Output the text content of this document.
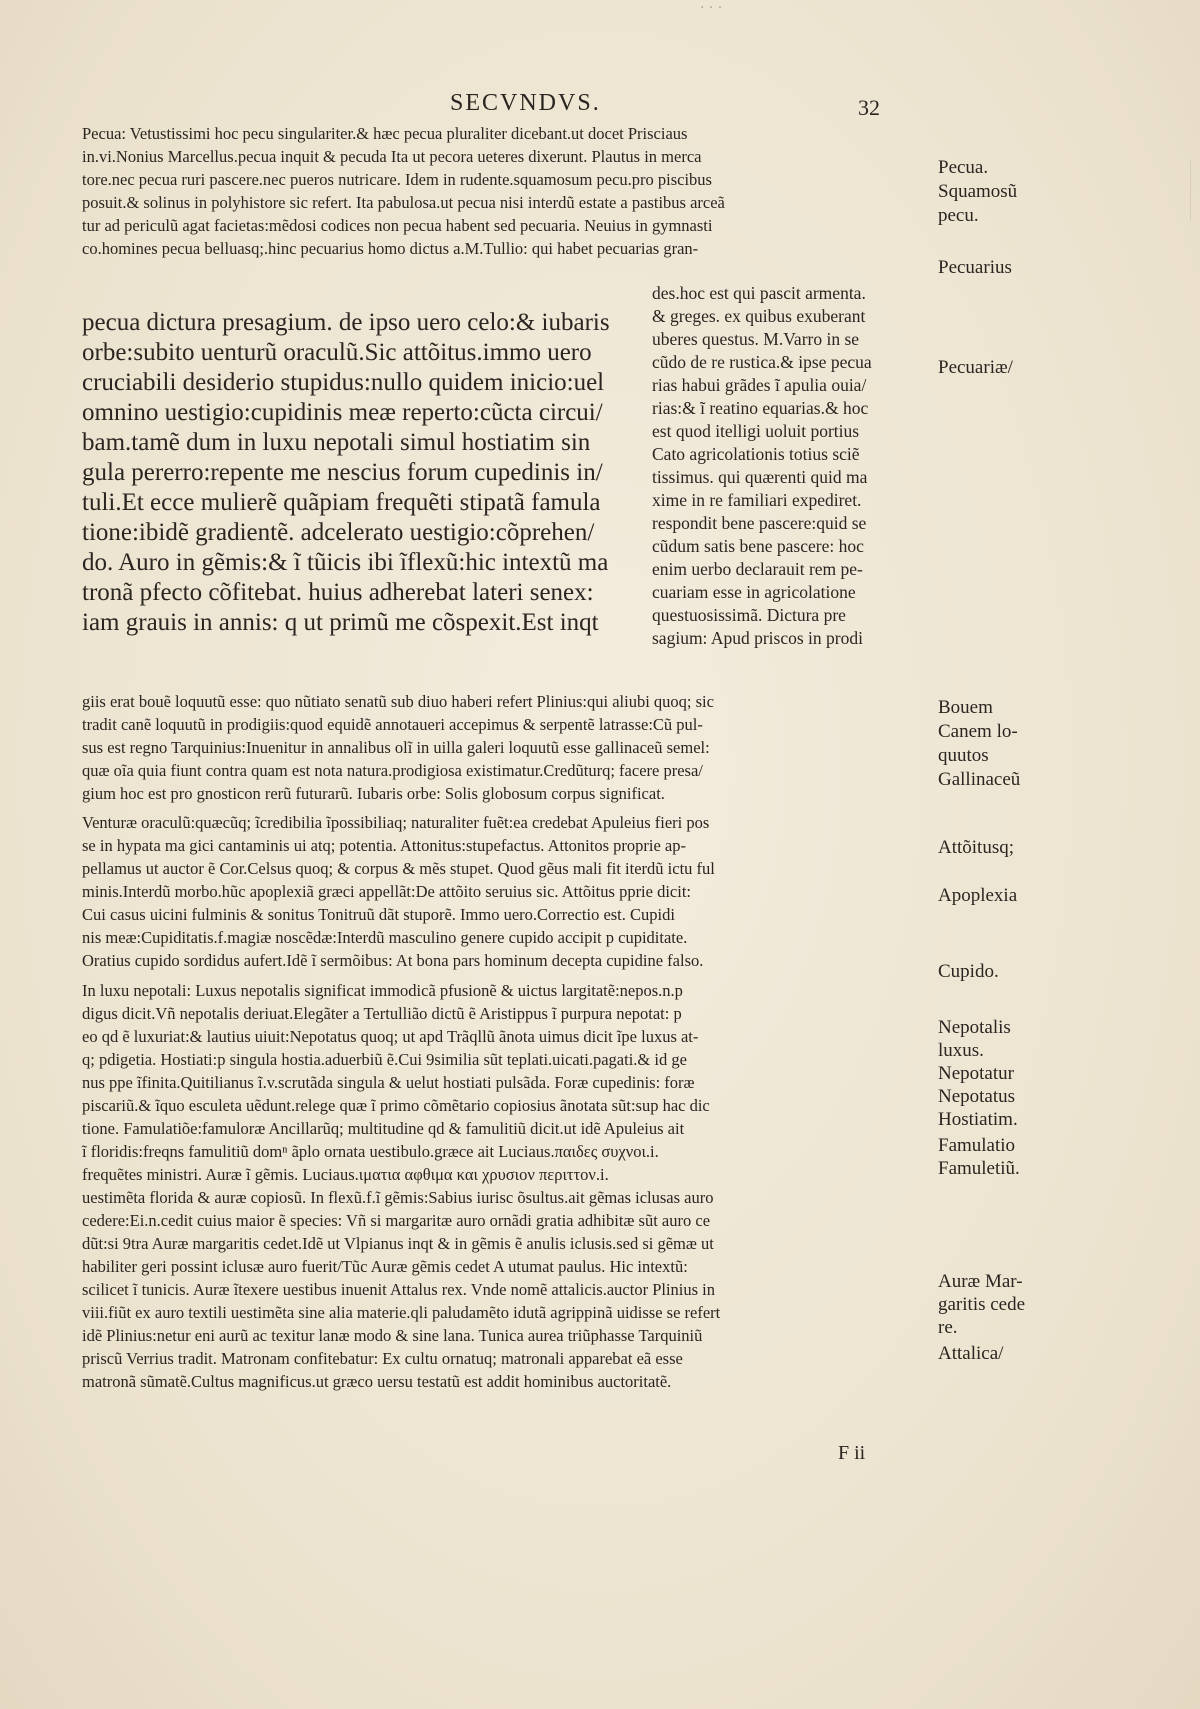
· · ·
SECVNDVS.	32
Pecua: Vetustissimi hoc pecu singulariter.& hæc pecua pluraliter dicebant.ut docet Prisciaus
in.vi.Nonius Marcellus.pecua inquit & pecuda Ita ut pecora ueteres dixerunt. Plautus in merca
tore.nec pecua ruri pascere.nec pueros nutricare. Idem in rudente.squamosum pecu.pro piscibus
posuit.& solinus in polyhistore sic refert. Ita pabulosa.ut pecua nisi interdũ estate a pastibus arceã
tur ad periculũ agat facietas:mẽdosi codices non pecua habent sed pecuaria. Neuius in gymnasti
co.homines pecua belluasq;.hinc pecuarius homo dictus a.M.Tullio: qui habet pecuarias gran-
pecua dictura presagium. de ipso uero celo:& iubaris
orbe:subito uenturũ oraculũ.Sic attõitus.immo uero
cruciabili desiderio stupidus:nullo quidem inicio:uel
omnino uestigio:cupidinis meæ reperto:cũcta circui/
bam.tamẽ dum in luxu nepotali simul hostiatim sin
gula pererro:repente me nescius forum cupedinis in/
tuli.Et ecce mulierẽ quãpiam frequẽti stipatã famula
tione:ibidẽ gradientẽ. adcelerato uestigio:cõprehen/
do. Auro in gẽmis:& ĩ tũicis ibi ĩflexũ:hic intextũ ma
tronã pfecto cõfitebat. huius adherebat lateri senex:
iam grauis in annis: q ut primũ me cõspexit.Est inqt
des.hoc est qui pascit armenta.
& greges. ex quibus exuberant
uberes questus. M.Varro in se
cũdo de re rustica.& ipse pecua
rias habui grãdes ĩ apulia ouia/
rias:& ĩ reatino equarias.& hoc
est quod itelligi uoluit portius
Cato agricolationis totius sciẽ
tissimus. qui quærenti quid ma
xime in re familiari expediret.
respondit bene pascere:quid se
cũdum satis bene pascere: hoc
enim uerbo declarauit rem pe-
cuariam esse in agricolatione
questuosissimã. Dictura pre
sagium: Apud priscos in prodi
giis erat bouẽ loquutũ esse: quo nũtiato senatũ sub diuo haberi refert Plinius:qui aliubi quoq; sic
tradit canẽ loquutũ in prodigiis:quod equidẽ annotaueri accepimus & serpentẽ latrasse:Cũ pul-
sus est regno Tarquinius:Inuenitur in annalibus olĩ in uilla galeri loquutũ esse gallinaceũ semel:
quæ oĩa quia fiunt contra quam est nota natura.prodigiosa existimatur.Credũturq; facere presa/
gium hoc est pro gnosticon rerũ futurarũ. Iubaris orbe: Solis globosum corpus significat.
Venturæ oraculũ:quæcũq; ĩcredibilia ĩpossibiliaq; naturaliter fuẽt:ea credebat Apuleius fieri pos
se in hypata ma gici cantaminis ui atq; potentia. Attonitus:stupefactus. Attonitos proprie ap-
pellamus ut auctor ẽ Cor.Celsus quoq; & corpus & mẽs stupet. Quod gẽus mali fit iterdũ ictu ful
minis.Interdũ morbo.hũc apoplexiã græci appellãt:De attõito seruius sic. Attõitus pprie dicit:
Cui casus uicini fulminis & sonitus Tonitruũ dãt stuporẽ. Immo uero.Correctio est. Cupidi
nis meæ:Cupiditatis.f.magiæ noscẽdæ:Interdũ masculino genere cupido accipit p cupiditate.
Oratius cupido sordidus aufert.Idẽ ĩ sermõibus: At bona pars hominum decepta cupidine falso.
In luxu nepotali: Luxus nepotalis significat immodicã pfusionẽ & uictus largitatẽ:nepos.n.p
digus dicit.Vñ nepotalis deriuat.Elegãter a Tertullião dictũ ẽ Aristippus ĩ purpura nepotat: p
eo qd ẽ luxuriat:& lautius uiuit:Nepotatus quoq; ut apd Trãqllũ ãnota uimus dicit ĩpe luxus at-
q; pdigetia. Hostiati:p singula hostia.aduerbiũ ẽ.Cui 9similia sũt teplati.uicati.pagati.& id ge
nus ppe ĩfinita.Quitilianus ĩ.v.scrutãda singula & uelut hostiati pulsãda. Foræ cupedinis: foræ
piscariũ.& ĩquo esculeta uẽdunt.relege quæ ĩ primo cõmẽtario copiosius ãnotata sũt:sup hac dic
tione. Famulatiõe:famuloræ Ancillarũq; multitudine qd & famulitiũ dicit.ut idẽ Apuleius ait
ĩ floridis:freqns famulitiũ domⁿ ãplo ornata uestibulo.græce ait Luciaus.παιδες συχνοι.i.
frequẽtes ministri. Auræ ĩ gẽmis. Luciaus.ιματια αφθιμα και χρυσιον περιττον.i.
uestimẽta florida & auræ copiosũ. In flexũ.f.ĩ gẽmis:Sabius iurisc õsultus.ait gẽmas iclusas auro
cedere:Ei.n.cedit cuius maior ẽ species: Vñ si margaritæ auro ornãdi gratia adhibitæ sũt auro ce
dũt:si 9tra Auræ margaritis cedet.Idẽ ut Vlpianus inqt & in gẽmis ẽ anulis iclusis.sed si gẽmæ ut
habiliter geri possint iclusæ auro fuerit/Tũc Auræ gẽmis cedet A utumat paulus. Hic intextũ:
scilicet ĩ tunicis. Auræ ĩtexere uestibus inuenit Attalus rex. Vnde nomẽ attalicis.auctor Plinius in
viii.fiũt ex auro textili uestimẽta sine alia materie.qli paludamẽto idutã agrippinã uidisse se refert
idẽ Plinius:netur eni aurũ ac texitur lanæ modo & sine lana. Tunica aurea triũphasse Tarquiniũ
priscũ Verrius tradit. Matronam confitebatur: Ex cultu ornatuq; matronali apparebat eã esse
matronã sũmatẽ.Cultus magnificus.ut græco uersu testatũ est addit hominibus auctoritatẽ.
F ii
Pecua.
Squamosũ
pecu.
Pecuarius
Pecuariæ/
Bouem
Canem lo-
quutos
Gallinaceũ
Attõitusq;
Apoplexia
Cupido.
Nepotalis
luxus.
Nepotatur
Nepotatus
Hostiatim.
Famulatio
Famuletiũ.
Auræ Mar-
garitis cede
re.
Attalica/
